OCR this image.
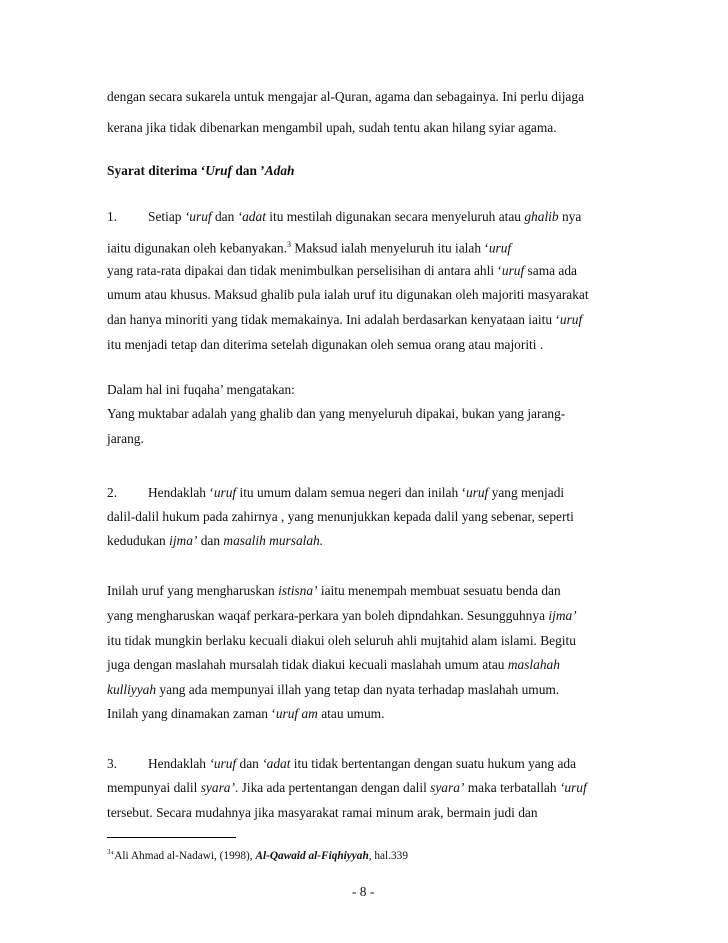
dengan secara sukarela untuk mengajar al-Quran, agama dan sebagainya. Ini perlu dijaga
kerana jika tidak dibenarkan mengambil upah, sudah tentu akan hilang syiar agama.
Syarat diterima ‘Uruf dan ’Adah
1. Setiap ‘uruf dan ‘adat itu mestilah digunakan secara menyeluruh atau ghalib nya
iaitu digunakan oleh kebanyakan.$^3$ Maksud ialah menyeluruh itu ialah ‘uruf
yang rata-rata dipakai dan tidak menimbulkan perselisihan di antara ahli ‘uruf sama ada
umum atau khusus. Maksud ghalib pula ialah uruf itu digunakan oleh majoriti masyarakat
dan hanya minoriti yang tidak memakainya. Ini adalah berdasarkan kenyataan iaitu ‘uruf
itu menjadi tetap dan diterima setelah digunakan oleh semua orang atau majoriti .
Dalam hal ini fuqaha’ mengatakan:
Yang muktabar adalah yang ghalib dan yang menyeluruh dipakai, bukan yang jarang-
jarang.
2. Hendaklah ‘uruf itu umum dalam semua negeri dan inilah ‘uruf yang menjadi
dalil-dalil hukum pada zahirnya , yang menunjukkan kepada dalil yang sebenar, seperti
kedudukan ijma’ dan masalih mursalah.
Inilah uruf yang mengharuskan istisna’ iaitu menempah membuat sesuatu benda dan
yang mengharuskan waqaf perkara-perkara yan boleh dipndahkan. Sesungguhnya ijma’
itu tidak mungkin berlaku kecuali diakui oleh seluruh ahli mujtahid alam islami. Begitu
juga dengan maslahah mursalah tidak diakui kecuali maslahah umum atau maslahah
kulliyyah yang ada mempunyai illah yang tetap dan nyata terhadap maslahah umum.
Inilah yang dinamakan zaman ‘uruf am atau umum.
3. Hendaklah ‘uruf dan ‘adat itu tidak bertentangan dengan suatu hukum yang ada
mempunyai dalil syara’. Jika ada pertentangan dengan dalil syara’ maka terbatallah ‘uruf
tersebut. Secara mudahnya jika masyarakat ramai minum arak, bermain judi dan
$^3$‘Ali Ahmad al-Nadawi, (1998), Al-Qawaid al-Fiqhiyyah, hal.339
- 8 -
